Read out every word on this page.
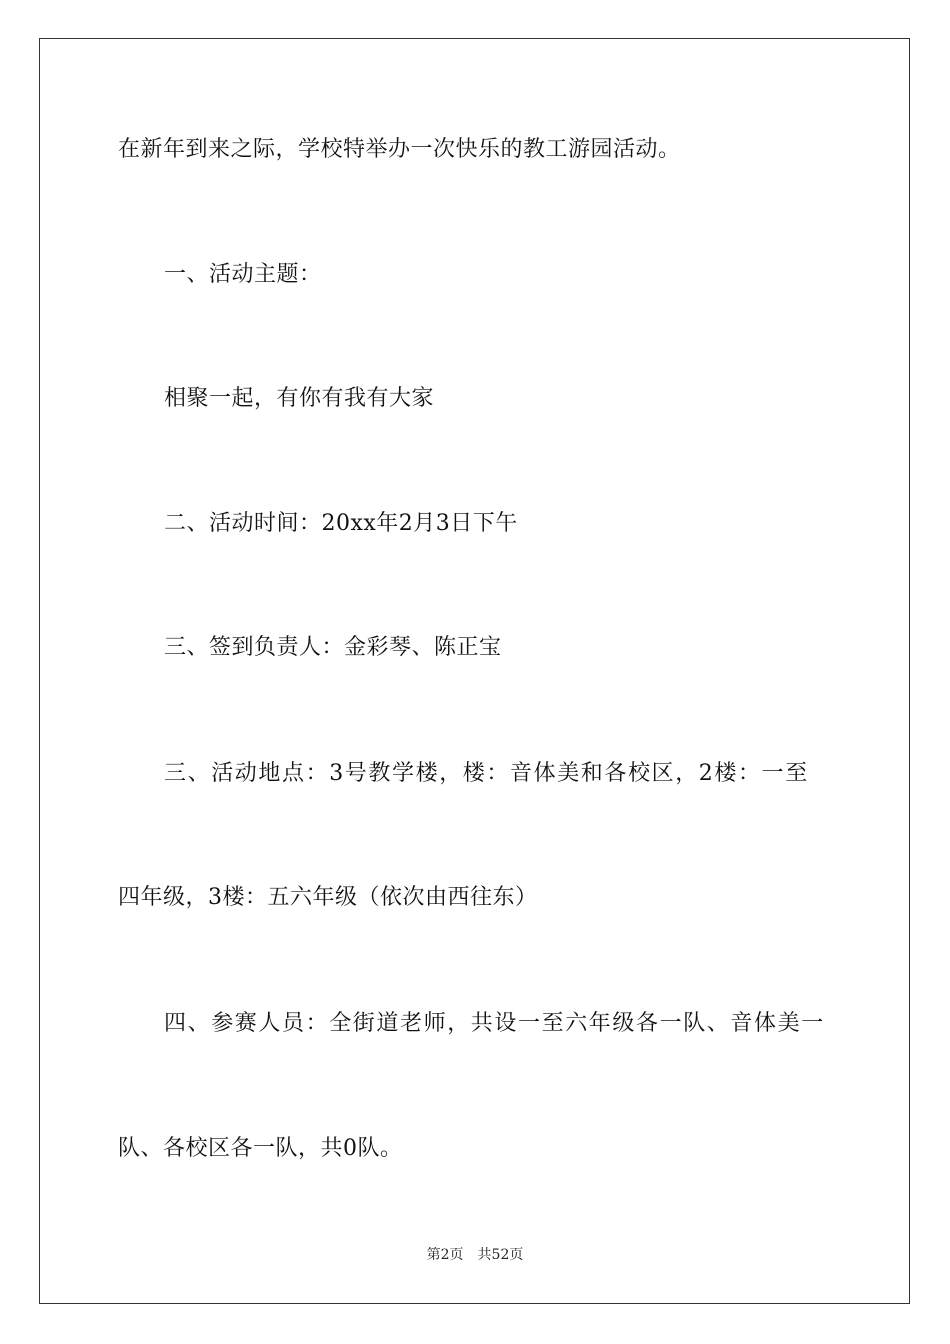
在新年到来之际，学校特举办一次快乐的教工游园活动。

一、活动主题：

相聚一起，有你有我有大家

二、活动时间：20xx年2月3日下午

三、签到负责人：金彩琴、陈正宝

三、活动地点：3号教学楼，楼：音体美和各校区，2楼：一至

四年级，3楼：五六年级（依次由西往东）

四、参赛人员：全街道老师，共设一至六年级各一队、音体美一

队、各校区各一队，共0队。

第2页 共52页
